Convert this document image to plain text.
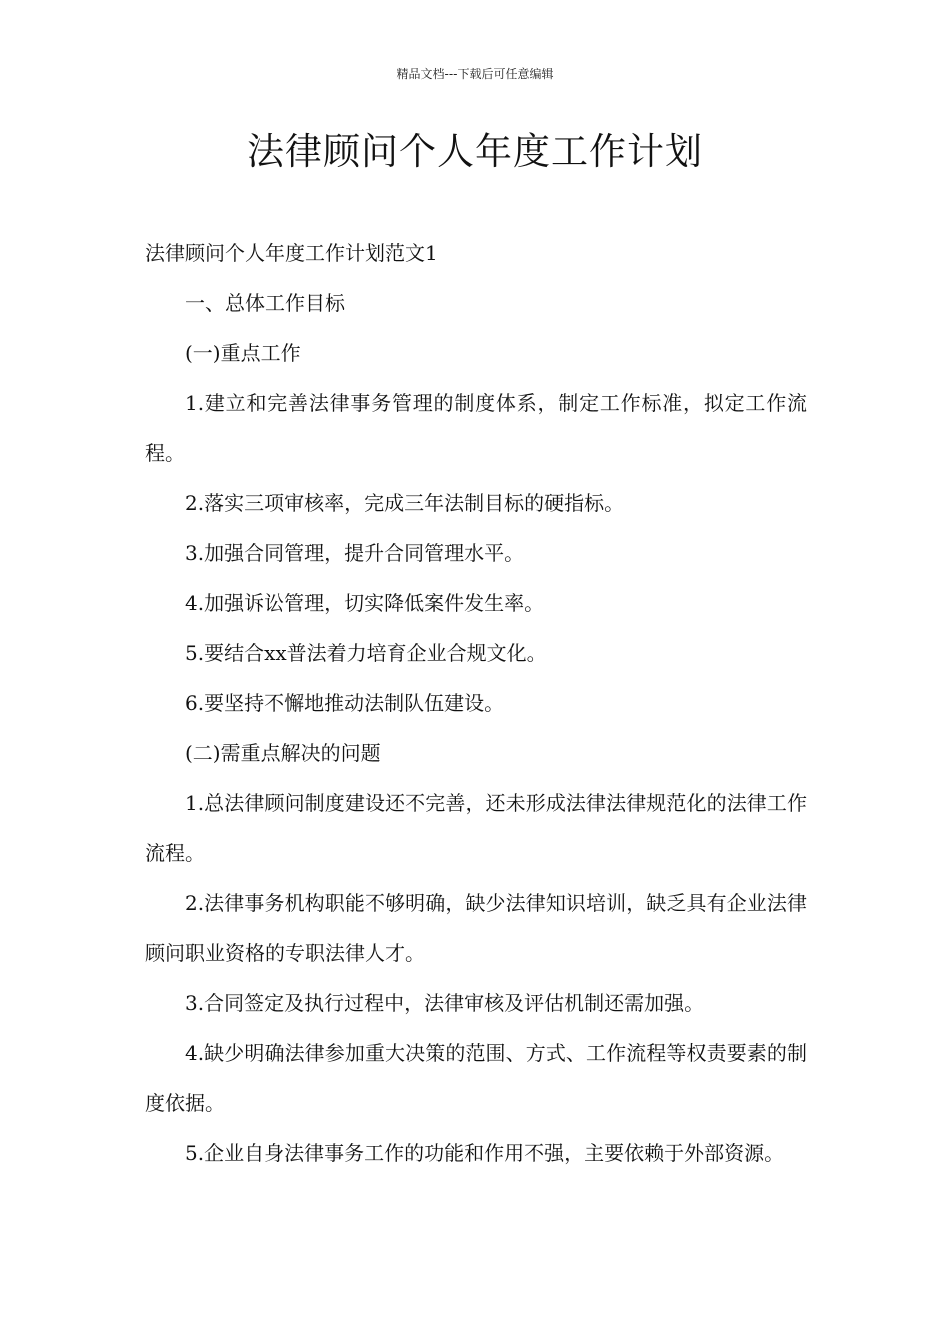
精品文档---下载后可任意编辑
法律顾问个人年度工作计划

法律顾问个人年度工作计划范文1

一、总体工作目标

(一)重点工作

1.建立和完善法律事务管理的制度体系，制定工作标准，拟定工作流程。

2.落实三项审核率，完成三年法制目标的硬指标。

3.加强合同管理，提升合同管理水平。

4.加强诉讼管理，切实降低案件发生率。

5.要结合xx普法着力培育企业合规文化。

6.要坚持不懈地推动法制队伍建设。

(二)需重点解决的问题

1.总法律顾问制度建设还不完善，还未形成法律法律规范化的法律工作流程。

2.法律事务机构职能不够明确，缺少法律知识培训，缺乏具有企业法律顾问职业资格的专职法律人才。

3.合同签定及执行过程中，法律审核及评估机制还需加强。

4.缺少明确法律参加重大决策的范围、方式、工作流程等权责要素的制度依据。

5.企业自身法律事务工作的功能和作用不强，主要依赖于外部资源。
